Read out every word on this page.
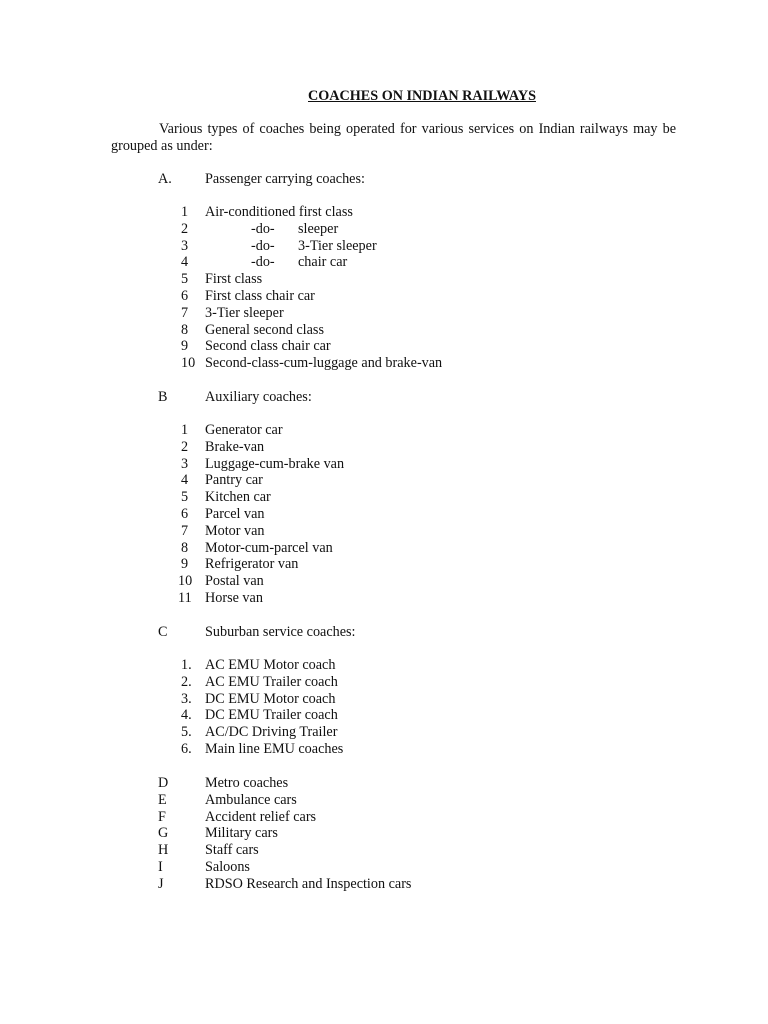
COACHES ON INDIAN RAILWAYS
Various types of coaches being operated for various services on Indian railways may be grouped as under:
A. Passenger carrying coaches:
1	Air-conditioned first class
2	-do- sleeper
3	-do- 3-Tier sleeper
4	-do- chair car
5	First class
6	First class chair car
7	3-Tier sleeper
8	General second class
9	Second class chair car
10 Second-class-cum-luggage and brake-van
B	Auxiliary coaches:
1	Generator car
2	Brake-van
3	Luggage-cum-brake van
4	Pantry car
5	Kitchen car
6	Parcel van
7	Motor van
8	Motor-cum-parcel van
9	Refrigerator van
10 Postal van
11 Horse van
C	Suburban service coaches:
1. AC EMU Motor coach
2. AC EMU Trailer coach
3. DC EMU Motor coach
4. DC EMU Trailer coach
5. AC/DC Driving Trailer
6. Main line EMU coaches
D	Metro coaches
E	Ambulance cars
F	Accident relief cars
G	Military cars
H	Staff cars
I	Saloons
J	RDSO Research and Inspection cars
